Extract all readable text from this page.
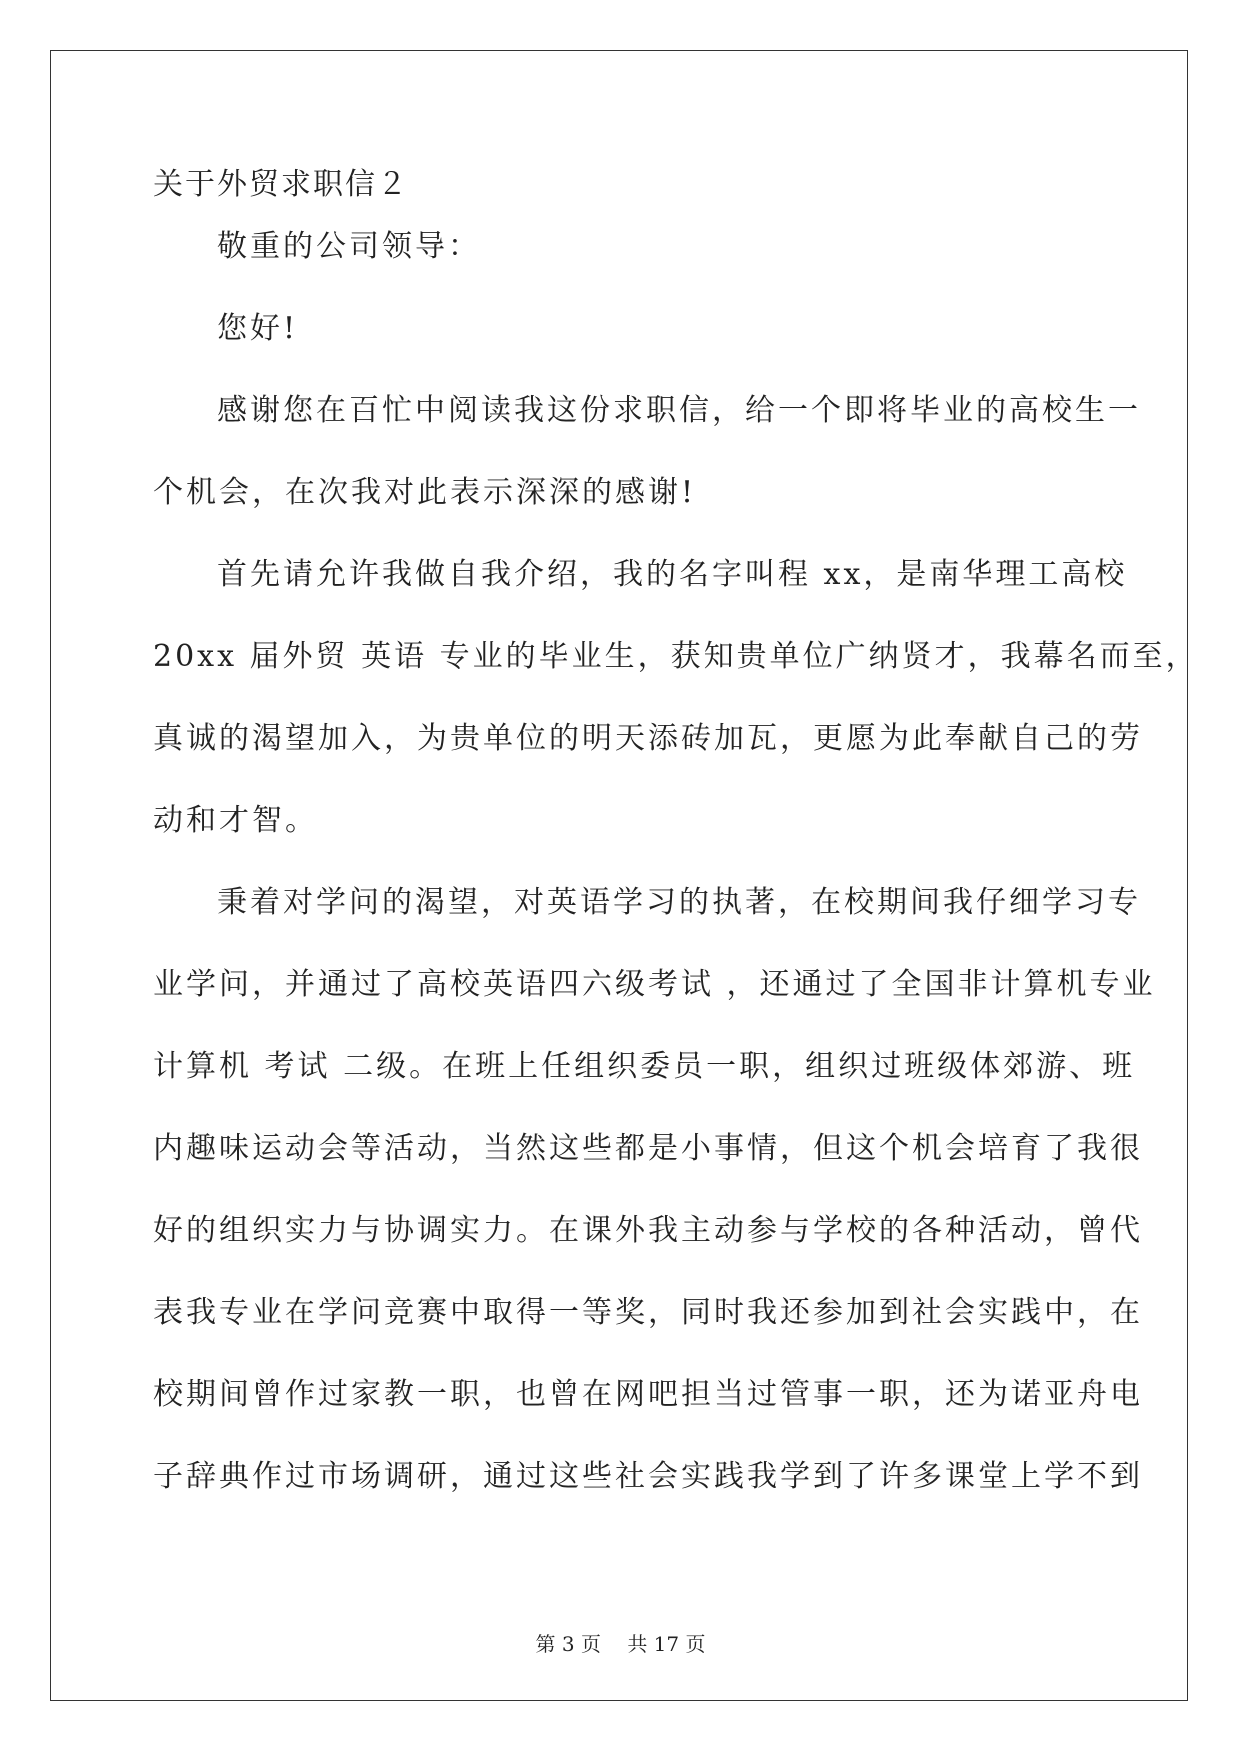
关于外贸求职信２
敬重的公司领导：
您好!
感谢您在百忙中阅读我这份求职信，给一个即将毕业的高校生一
个机会，在次我对此表示深深的感谢!
首先请允许我做自我介绍，我的名字叫程 xx，是南华理工高校
20xx 届外贸 英语 专业的毕业生，获知贵单位广纳贤才，我幕名而至，
真诚的渴望加入，为贵单位的明天添砖加瓦，更愿为此奉献自己的劳
动和才智。
秉着对学问的渴望，对英语学习的执著，在校期间我仔细学习专
业学问，并通过了高校英语四六级考试 ，还通过了全国非计算机专业
计算机 考试 二级。在班上任组织委员一职，组织过班级体郊游、班
内趣味运动会等活动，当然这些都是小事情，但这个机会培育了我很
好的组织实力与协调实力。在课外我主动参与学校的各种活动，曾代
表我专业在学问竞赛中取得一等奖，同时我还参加到社会实践中，在
校期间曾作过家教一职，也曾在网吧担当过管事一职，还为诺亚舟电
子辞典作过市场调研，通过这些社会实践我学到了许多课堂上学不到
第 3 页 共 17 页
